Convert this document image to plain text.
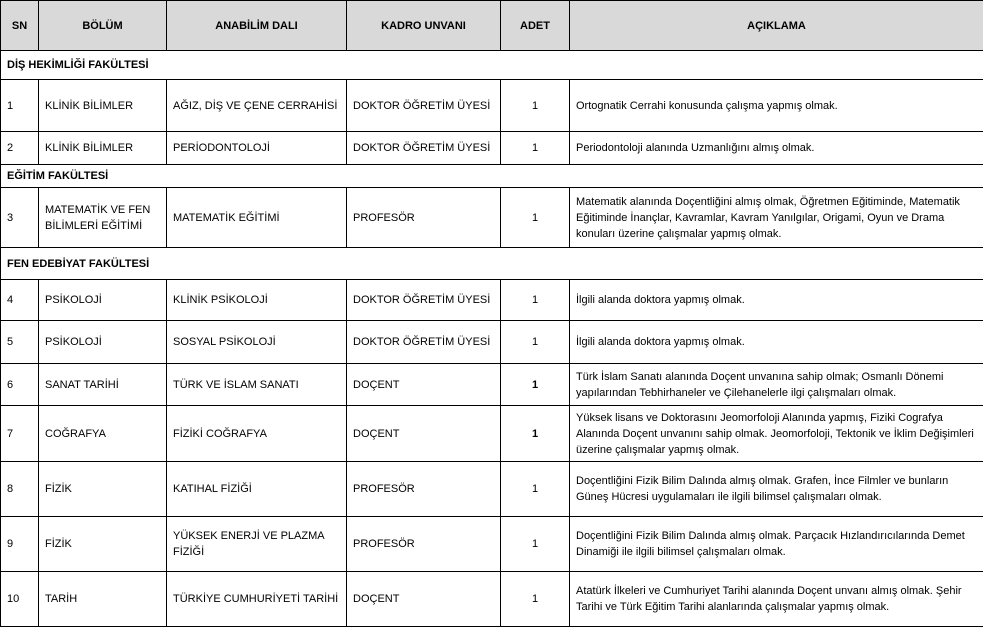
SN	BÖLÜM	ANABİLİM DALI	KADRO UNVANI	ADET	AÇIKLAMA
DİŞ HEKİMLİĞİ FAKÜLTESİ					
1	KLİNİK BİLİMLER	AĞIZ, DİŞ VE ÇENE CERRAHİSİ	DOKTOR ÖĞRETİM ÜYESİ	1	Ortognatik Cerrahi konusunda çalışma yapmış olmak.
2	KLİNİK BİLİMLER	PERİODONTOLOJİ	DOKTOR ÖĞRETİM ÜYESİ	1	Periodontoloji alanında Uzmanlığını almış olmak.
EĞİTİM FAKÜLTESİ					
3	MATEMATİK VE FEN BİLİMLERİ EĞİTİMİ	MATEMATİK EĞİTİMİ	PROFESÖR	1	Matematik alanında Doçentliğini almış olmak, Öğretmen Eğitiminde, Matematik Eğitiminde İnançlar, Kavramlar, Kavram Yanılgılar, Origami, Oyun ve Drama konuları üzerine çalışmalar yapmış olmak.
FEN EDEBİYAT FAKÜLTESİ					
4	PSİKOLOJİ	KLİNİK PSİKOLOJİ	DOKTOR ÖĞRETİM ÜYESİ	1	İlgili alanda doktora yapmış olmak.
5	PSİKOLOJİ	SOSYAL PSİKOLOJİ	DOKTOR ÖĞRETİM ÜYESİ	1	İlgili alanda doktora yapmış olmak.
6	SANAT TARİHİ	TÜRK VE İSLAM SANATI	DOÇENT	1	Türk İslam Sanatı alanında Doçent unvanına sahip olmak; Osmanlı Dönemi yapılarından Tebhirhaneler ve Çilehanelerle ilgi çalışmaları olmak.
7	COĞRAFYA	FİZİKİ COĞRAFYA	DOÇENT	1	Yüksek lisans ve Doktorasını Jeomorfoloji Alanında yapmış, Fiziki Cografya Alanında Doçent unvanını sahip olmak. Jeomorfoloji, Tektonik ve İklim Değişimleri üzerine çalışmalar yapmış olmak.
8	FİZİK	KATIHAL FİZİĞİ	PROFESÖR	1	Doçentliğini Fizik Bilim Dalında almış olmak. Grafen, İnce Filmler ve bunların Güneş Hücresi uygulamaları ile ilgili bilimsel çalışmaları olmak.
9	FİZİK	YÜKSEK ENERJİ VE PLAZMA FİZİĞİ	PROFESÖR	1	Doçentliğini Fizik Bilim Dalında almış olmak. Parçacık Hızlandırıcılarında Demet Dinamiği ile ilgili bilimsel çalışmaları olmak.
10	TARİH	TÜRKİYE CUMHURİYETİ TARİHİ	DOÇENT	1	Atatürk İlkeleri ve Cumhuriyet Tarihi alanında Doçent unvanı almış olmak. Şehir Tarihi ve Türk Eğitim Tarihi alanlarında çalışmalar yapmış olmak.
